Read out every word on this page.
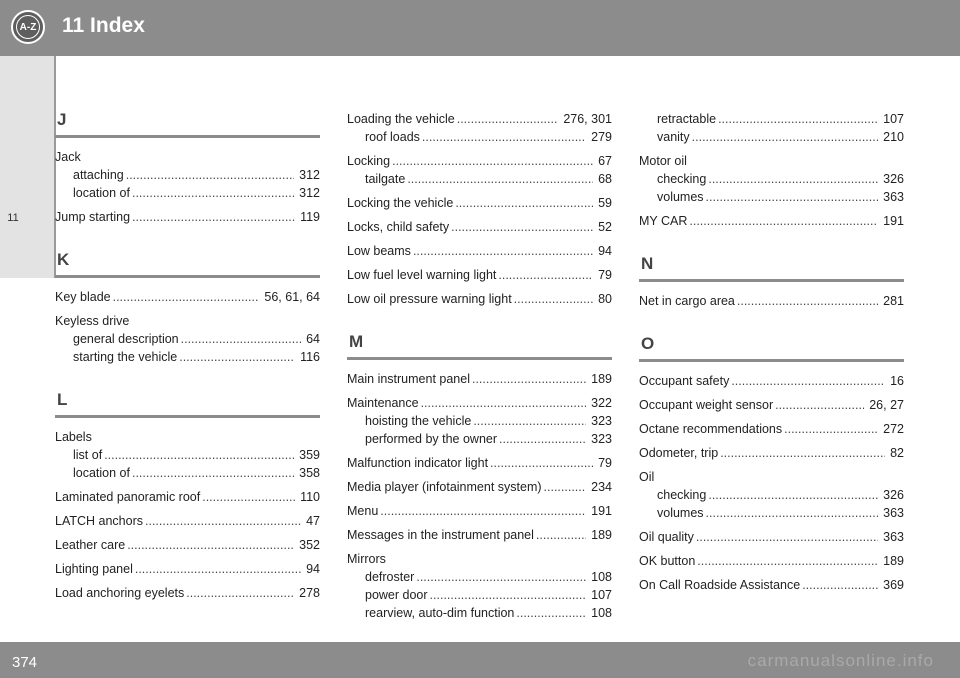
A-Z 11 Index
11
J
Jack
attaching .....	312
location of .....	312
Jump starting .....	119
K
Key blade .....	56, 61, 64
Keyless drive
general description .....	64
starting the vehicle .....	116
L
Labels
list of .....	359
location of .....	358
Laminated panoramic roof .....	110
LATCH anchors .....	47
Leather care .....	352
Lighting panel .....	94
Load anchoring eyelets .....	278
Loading the vehicle .....	276, 301
roof loads .....	279
Locking .....	67
tailgate .....	68
Locking the vehicle .....	59
Locks, child safety .....	52
Low beams .....	94
Low fuel level warning light .....	79
Low oil pressure warning light .....	80
M
Main instrument panel .....	189
Maintenance .....	322
hoisting the vehicle .....	323
performed by the owner .....	323
Malfunction indicator light .....	79
Media player (infotainment system) .....	234
Menu .....	191
Messages in the instrument panel .....	189
Mirrors
defroster .....	108
power door .....	107
rearview, auto-dim function .....	108
retractable .....	107
vanity .....	210
Motor oil
checking .....	326
volumes .....	363
MY CAR .....	191
N
Net in cargo area .....	281
O
Occupant safety .....	16
Occupant weight sensor .....	26, 27
Octane recommendations .....	272
Odometer, trip .....	82
Oil
checking .....	326
volumes .....	363
Oil quality .....	363
OK button .....	189
On Call Roadside Assistance .....	369
374	carmanualsonline.info
